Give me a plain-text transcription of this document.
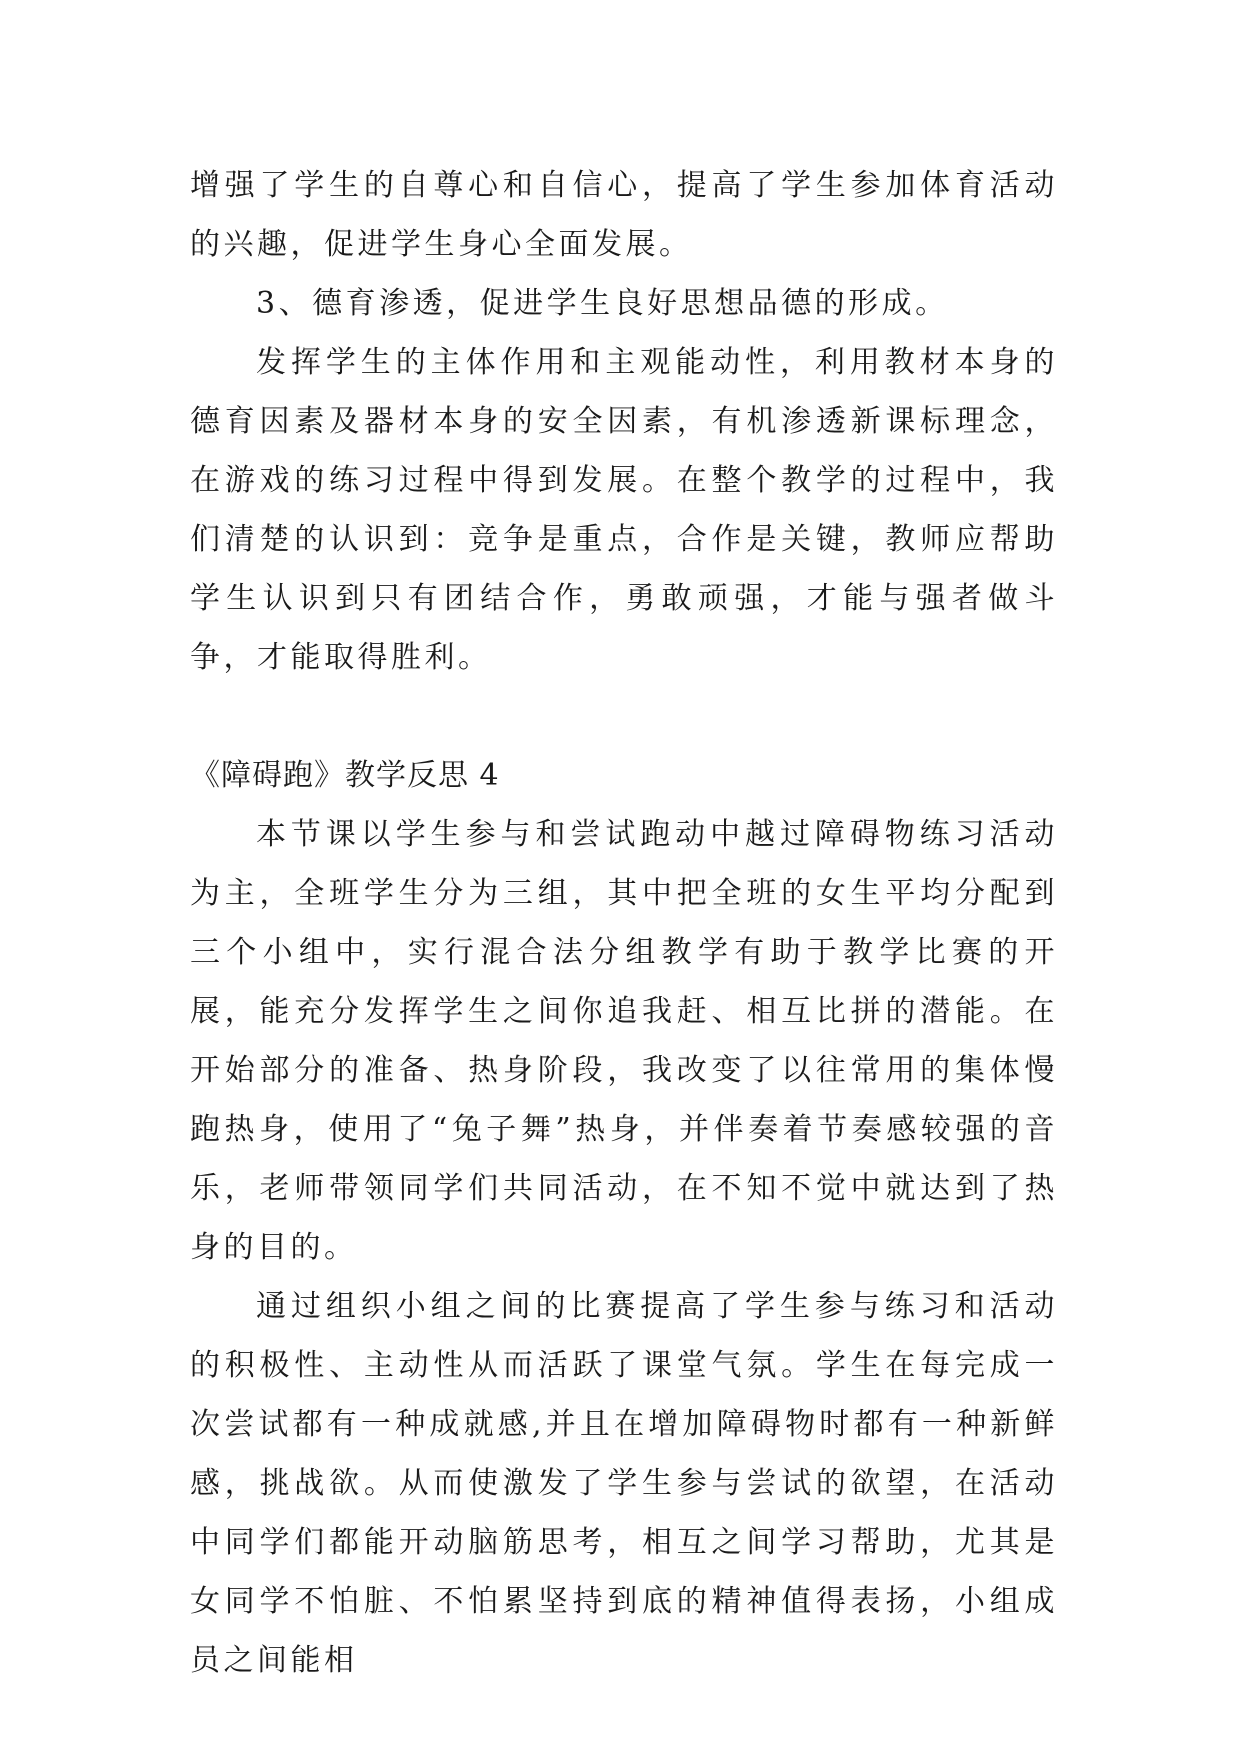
增强了学生的自尊心和自信心，提高了学生参加体育活动的兴趣，促进学生身心全面发展。

3、德育渗透，促进学生良好思想品德的形成。

发挥学生的主体作用和主观能动性，利用教材本身的德育因素及器材本身的安全因素，有机渗透新课标理念，在游戏的练习过程中得到发展。在整个教学的过程中，我们清楚的认识到：竞争是重点，合作是关键，教师应帮助学生认识到只有团结合作，勇敢顽强，才能与强者做斗争，才能取得胜利。

《障碍跑》教学反思 4

本节课以学生参与和尝试跑动中越过障碍物练习活动为主，全班学生分为三组，其中把全班的女生平均分配到三个小组中，实行混合法分组教学有助于教学比赛的开展，能充分发挥学生之间你追我赶、相互比拼的潜能。在开始部分的准备、热身阶段，我改变了以往常用的集体慢跑热身，使用了“兔子舞”热身，并伴奏着节奏感较强的音乐，老师带领同学们共同活动，在不知不觉中就达到了热身的目的。

通过组织小组之间的比赛提高了学生参与练习和活动的积极性、主动性从而活跃了课堂气氛。学生在每完成一次尝试都有一种成就感,并且在增加障碍物时都有一种新鲜感，挑战欲。从而使激发了学生参与尝试的欲望，在活动中同学们都能开动脑筋思考，相互之间学习帮助，尤其是女同学不怕脏、不怕累坚持到底的精神值得表扬，小组成员之间能相
